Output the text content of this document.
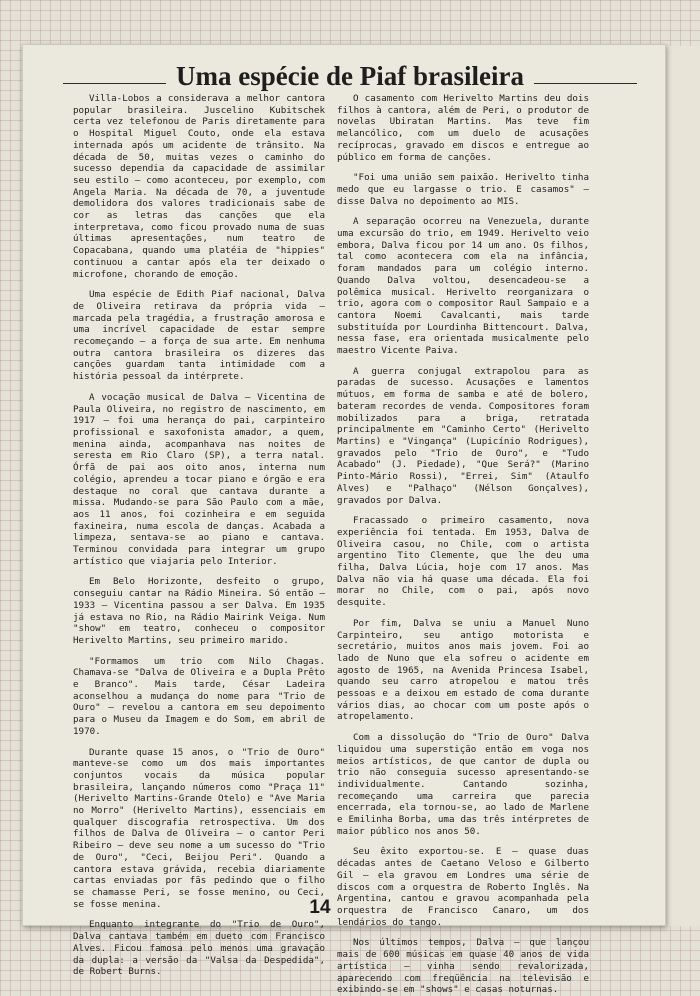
Uma espécie de Piaf brasileira

Villa-Lobos a considerava a melhor cantora popular brasileira. Juscelino Kubitschek certa vez telefonou de Paris diretamente para o Hospital Miguel Couto, onde ela estava internada após um acidente de trânsito. Na década de 50, muitas vezes o caminho do sucesso dependia da capacidade de assimilar seu estilo — como aconteceu, por exemplo, com Angela Maria. Na década de 70, a juventude demolidora dos valores tradicionais sabe de cor as letras das canções que ela interpretava, como ficou provado numa de suas últimas apresentações, num teatro de Copacabana, quando uma platéia de "hippies" continuou a cantar após ela ter deixado o microfone, chorando de emoção.

Uma espécie de Edith Piaf nacional, Dalva de Oliveira retirava da própria vida — marcada pela tragédia, a frustração amorosa e uma incrível capacidade de estar sempre recomeçando — a força de sua arte. Em nenhuma outra cantora brasileira os dizeres das canções guardam tanta intimidade com a história pessoal da intérprete.

A vocação musical de Dalva — Vicentina de Paula Oliveira, no registro de nascimento, em 1917 — foi uma herança do pai, carpinteiro profissional e saxofonista amador, a quem, menina ainda, acompanhava nas noites de seresta em Rio Claro (SP), a terra natal. Órfã de pai aos oito anos, interna num colégio, aprendeu a tocar piano e órgão e era destaque no coral que cantava durante a missa. Mudando-se para São Paulo com a mãe, aos 11 anos, foi cozinheira e em seguida faxineira, numa escola de danças. Acabada a limpeza, sentava-se ao piano e cantava. Terminou convidada para integrar um grupo artístico que viajaria pelo Interior.

Em Belo Horizonte, desfeito o grupo, conseguiu cantar na Rádio Mineira. Só então — 1933 — Vicentina passou a ser Dalva. Em 1935 já estava no Rio, na Rádio Mairink Veiga. Num "show" em teatro, conheceu o compositor Herivelto Martins, seu primeiro marido.

"Formamos um trio com Nilo Chagas. Chamava-se "Dalva de Oliveira e a Dupla Prêto e Branco". Mais tarde, César Ladeira aconselhou a mudança do nome para "Trio de Ouro" — revelou a cantora em seu depoimento para o Museu da Imagem e do Som, em abril de 1970.

Durante quase 15 anos, o "Trio de Ouro" manteve-se como um dos mais importantes conjuntos vocais da música popular brasileira, lançando números como "Praça 11" (Herivelto Martins-Grande Otelo) e "Ave Maria no Morro" (Herivelto Martins), essenciais em qualquer discografia retrospectiva. Um dos filhos de Dalva de Oliveira — o cantor Peri Ribeiro — deve seu nome a um sucesso do "Trio de Ouro", "Ceci, Beijou Peri". Quando a cantora estava grávida, recebia diariamente cartas enviadas por fãs pedindo que o filho se chamasse Peri, se fosse menino, ou Ceci, se fosse menina.

Enquanto integrante do "Trio de Ouro", Dalva cantava também em dueto com Francisco Alves. Ficou famosa pelo menos uma gravação da dupla: a versão da "Valsa da Despedida", de Robert Burns.

O casamento com Herivelto Martins deu dois filhos à cantora, além de Peri, o produtor de novelas Ubiratan Martins. Mas teve fim melancólico, com um duelo de acusações recíprocas, gravado em discos e entregue ao público em forma de canções.

"Foi uma união sem paixão. Herivelto tinha medo que eu largasse o trio. E casamos" — disse Dalva no depoimento ao MIS.

A separação ocorreu na Venezuela, durante uma excursão do trio, em 1949. Herivelto veio embora, Dalva ficou por 14 um ano. Os filhos, tal como acontecera com ela na infância, foram mandados para um colégio interno. Quando Dalva voltou, desencadeou-se a polêmica musical. Herivelto reorganizara o trio, agora com o compositor Raul Sampaio e a cantora Noemi Cavalcanti, mais tarde substituída por Lourdinha Bittencourt. Dalva, nessa fase, era orientada musicalmente pelo maestro Vicente Paiva.

A guerra conjugal extrapolou para as paradas de sucesso. Acusações e lamentos mútuos, em forma de samba e até de bolero, bateram recordes de venda. Compositores foram mobilizados para a briga, retratada principalmente em "Caminho Certo" (Herivelto Martins) e "Vingança" (Lupicínio Rodrigues), gravados pelo "Trio de Ouro", e "Tudo Acabado" (J. Piedade), "Que Será?" (Marino Pinto-Mário Rossi), "Errei, Sim" (Ataulfo Alves) e "Palhaço" (Nélson Gonçalves), gravados por Dalva.

Fracassado o primeiro casamento, nova experiência foi tentada. Em 1953, Dalva de Oliveira casou, no Chile, com o artista argentino Tito Clemente, que lhe deu uma filha, Dalva Lúcia, hoje com 17 anos. Mas Dalva não via há quase uma década. Ela foi morar no Chile, com o pai, após novo desquite.

Por fim, Dalva se uniu a Manuel Nuno Carpinteiro, seu antigo motorista e secretário, muitos anos mais jovem. Foi ao lado de Nuno que ela sofreu o acidente em agosto de 1965, na Avenida Princesa Isabel, quando seu carro atropelou e matou três pessoas e a deixou em estado de coma durante vários dias, ao chocar com um poste após o atropelamento.

Com a dissolução do "Trio de Ouro" Dalva liquidou uma superstição então em voga nos meios artísticos, de que cantor de dupla ou trio não conseguia sucesso apresentando-se individualmente. Cantando sozinha, recomeçando uma carreira que parecia encerrada, ela tornou-se, ao lado de Marlene e Emilinha Borba, uma das três intérpretes de maior público nos anos 50.

Seu êxito exportou-se. E — quase duas décadas antes de Caetano Veloso e Gilberto Gil — ela gravou em Londres uma série de discos com a orquestra de Roberto Inglês. Na Argentina, cantou e gravou acompanhada pela orquestra de Francisco Canaro, um dos lendários do tango.

Nos últimos tempos, Dalva — que lançou mais de 600 músicas em quase 40 anos de vida artística — vinha sendo revalorizada, aparecendo com freqüência na televisão e exibindo-se em "shows" e casas noturnas.

14
